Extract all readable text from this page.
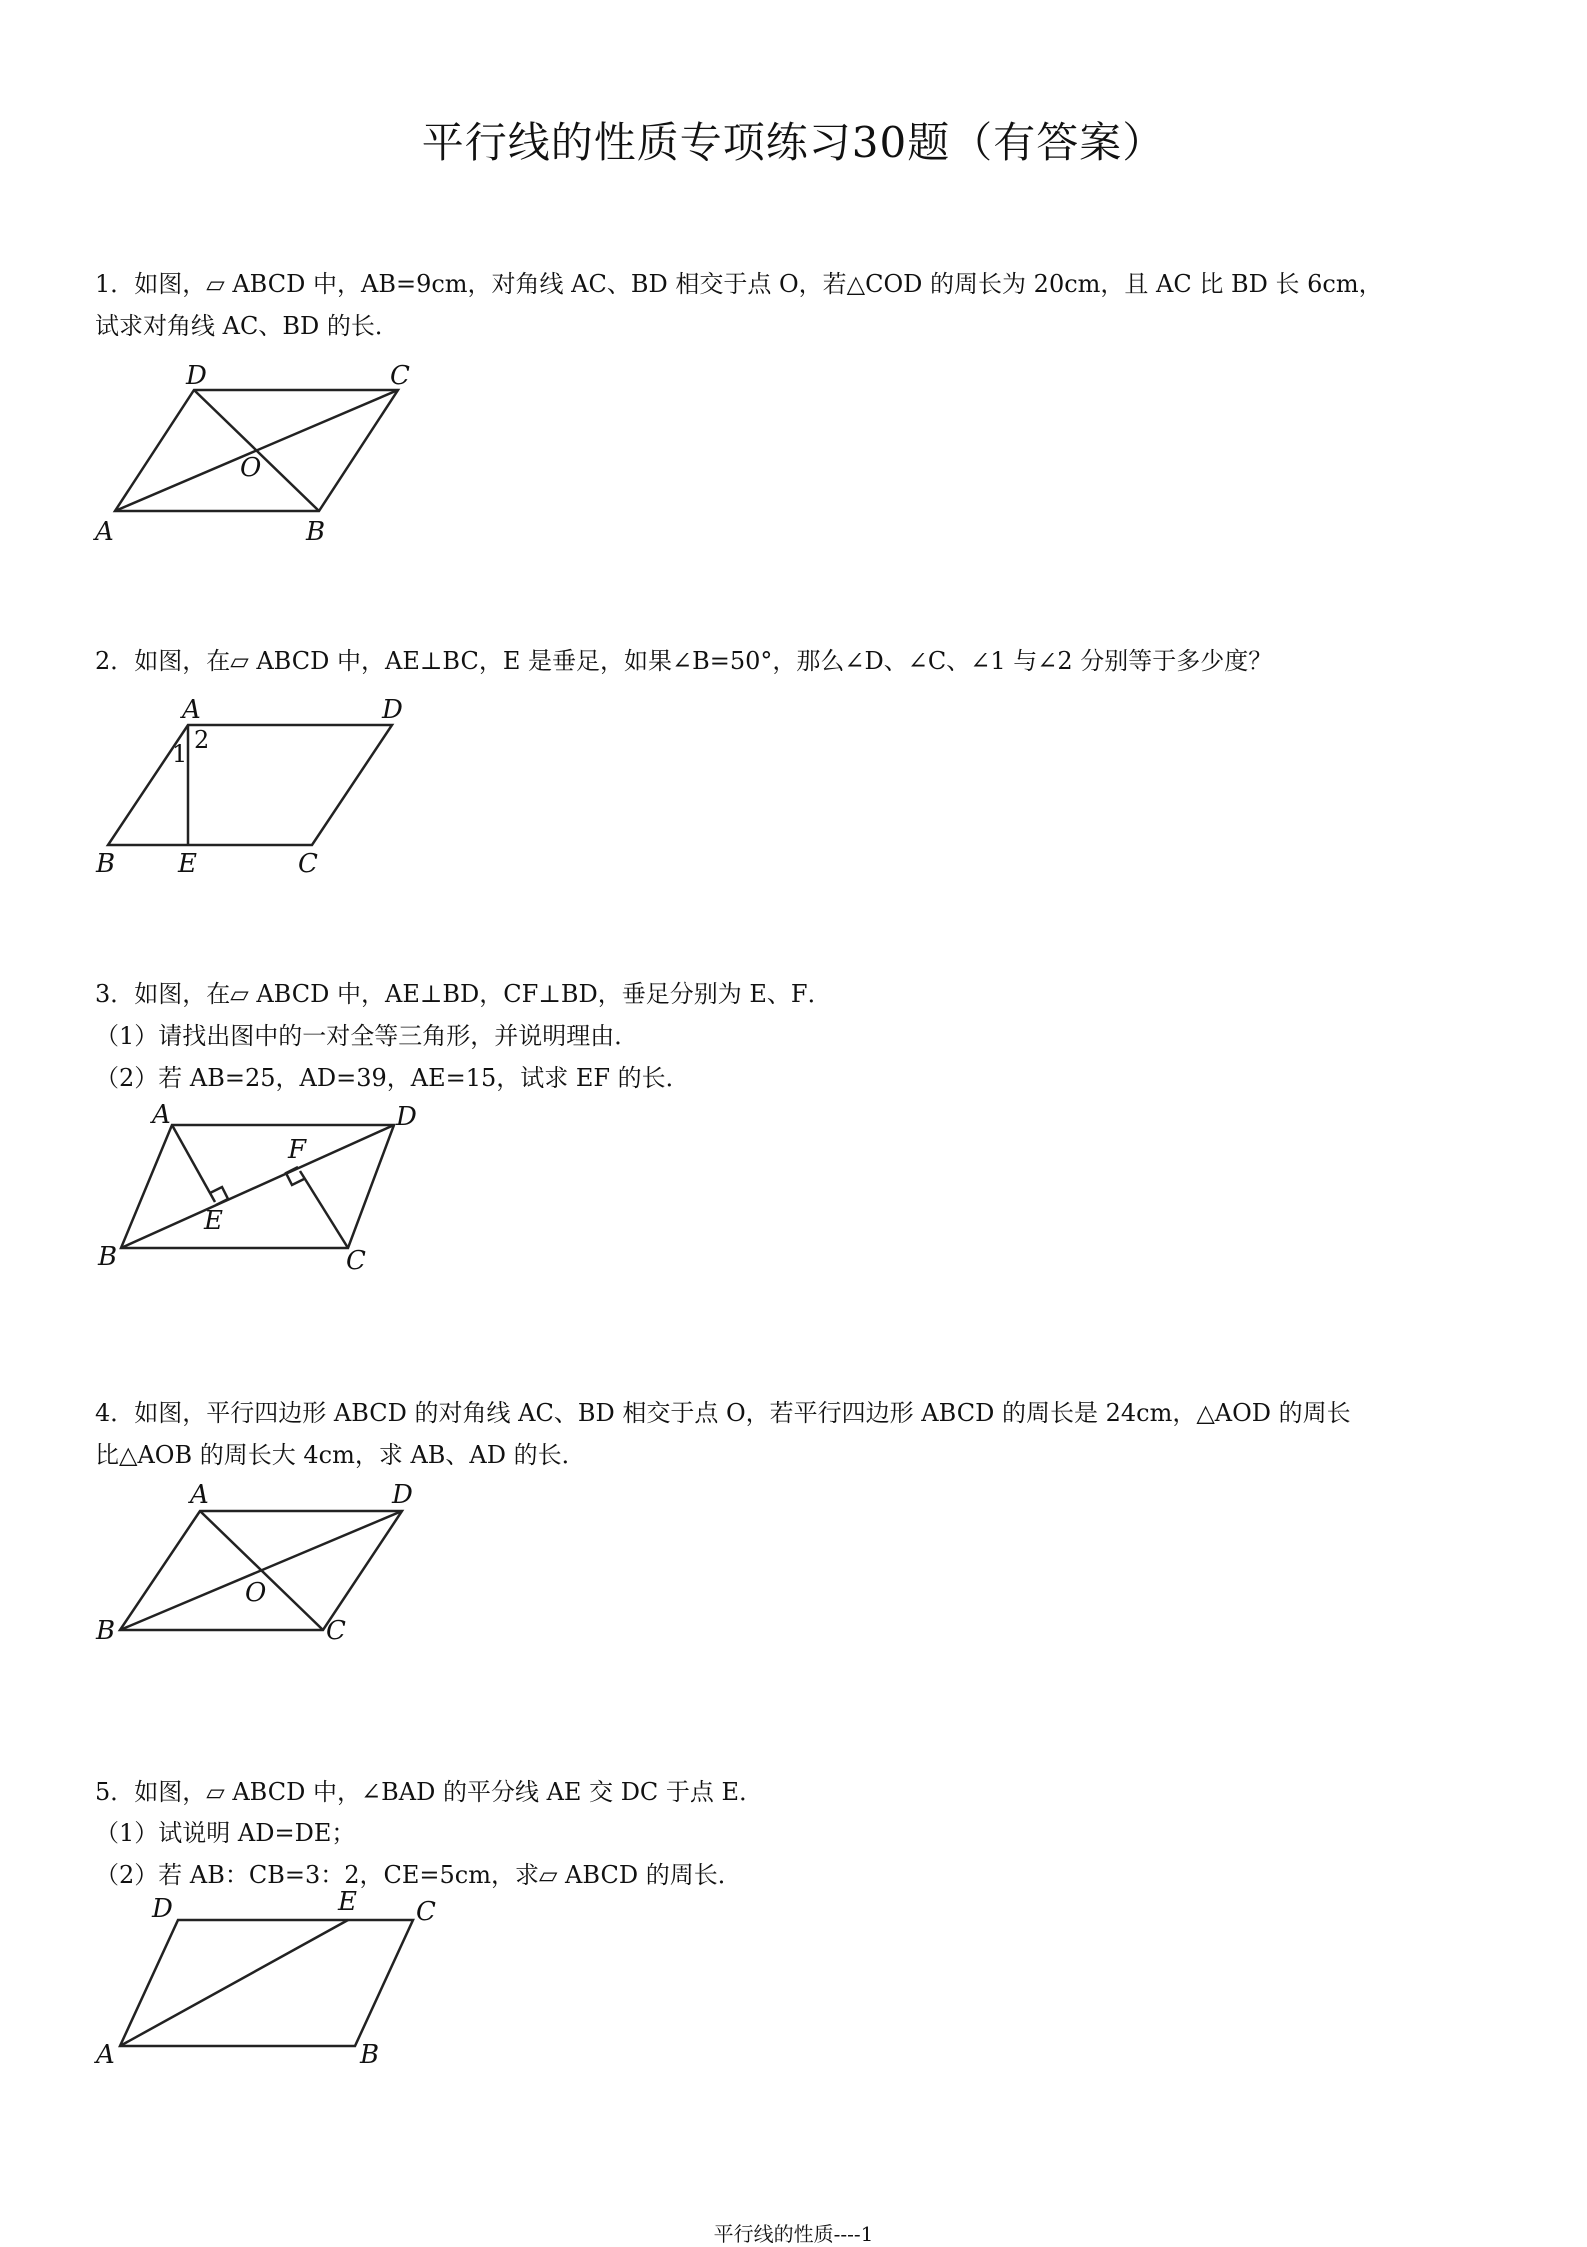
平行线的性质专项练习30题（有答案）
1．如图，▱ ABCD 中，AB=9cm，对角线 AC、BD 相交于点 O，若△COD 的周长为 20cm，且 AC 比 BD 长 6cm，
试求对角线 AC、BD 的长．
A	B
C
D
O
2．如图，在▱ ABCD 中，AE⊥BC，E 是垂足，如果∠B=50°，那么∠D、∠C、∠1 与∠2 分别等于多少度？
A	D
B E	C
1 2
3．如图，在▱ ABCD 中，AE⊥BD，CF⊥BD，垂足分别为 E、F．
（1）请找出图中的一对全等三角形，并说明理由．
（2）若 AB=25，AD=39，AE=15，试求 EF 的长．
A	D
F
E
B	C
4．如图，平行四边形 ABCD 的对角线 AC、BD 相交于点 O，若平行四边形 ABCD 的周长是 24cm，△AOD 的周长
比△AOB 的周长大 4cm，求 AB、AD 的长．
A	D
O
B	C
5．如图，▱ ABCD 中，∠BAD 的平分线 AE 交 DC 于点 E．
（1）试说明 AD=DE；
（2）若 AB：CB=3：2，CE=5cm，求▱ ABCD 的周长．
D	E C
A	B
平行线的性质----1
